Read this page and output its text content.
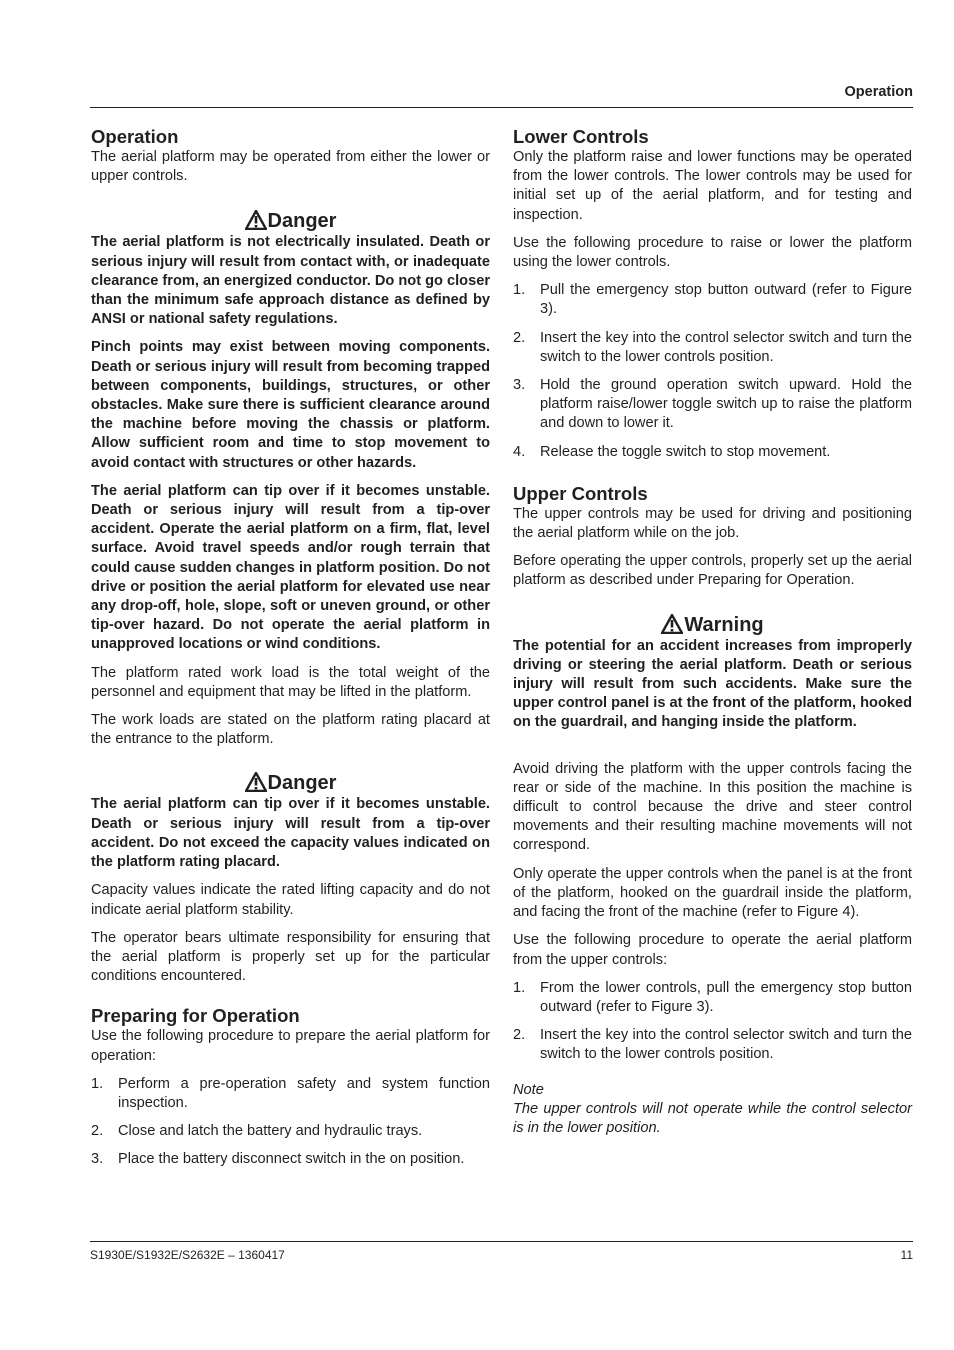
Operation
Operation

The aerial platform may be operated from either the lower or upper controls.

Danger

The aerial platform is not electrically insulated. Death or serious injury will result from contact with, or inadequate clearance from, an energized conductor. Do not go closer than the minimum safe approach distance as defined by ANSI or national safety regulations.

Pinch points may exist between moving components. Death or serious injury will result from becoming trapped between components, buildings, structures, or other obstacles. Make sure there is sufficient clearance around the machine before moving the chassis or platform. Allow sufficient room and time to stop movement to avoid contact with structures or other hazards.

The aerial platform can tip over if it becomes unstable. Death or serious injury will result from a tip-over accident. Operate the aerial platform on a firm, flat, level surface. Avoid travel speeds and/or rough terrain that could cause sudden changes in platform position. Do not drive or position the aerial platform for elevated use near any drop-off, hole, slope, soft or uneven ground, or other tip-over hazard. Do not operate the aerial platform in unapproved locations or wind conditions.

The platform rated work load is the total weight of the personnel and equipment that may be lifted in the platform.

The work loads are stated on the platform rating placard at the entrance to the platform.

Danger

The aerial platform can tip over if it becomes unstable. Death or serious injury will result from a tip-over accident. Do not exceed the capacity values indicated on the platform rating placard.

Capacity values indicate the rated lifting capacity and do not indicate aerial platform stability.

The operator bears ultimate responsibility for ensuring that the aerial platform is properly set up for the particular conditions encountered.

Preparing for Operation

Use the following procedure to prepare the aerial platform for operation:

1. Perform a pre-operation safety and system function inspection.
2. Close and latch the battery and hydraulic trays.
3. Place the battery disconnect switch in the on position.
Lower Controls

Only the platform raise and lower functions may be operated from the lower controls. The lower controls may be used for initial set up of the aerial platform, and for testing and inspection.

Use the following procedure to raise or lower the platform using the lower controls.

1. Pull the emergency stop button outward (refer to Figure 3).
2. Insert the key into the control selector switch and turn the switch to the lower controls position.
3. Hold the ground operation switch upward. Hold the platform raise/lower toggle switch up to raise the platform and down to lower it.
4. Release the toggle switch to stop movement.
Upper Controls

The upper controls may be used for driving and positioning the aerial platform while on the job.

Before operating the upper controls, properly set up the aerial platform as described under Preparing for Operation.

Warning

The potential for an accident increases from improperly driving or steering the aerial platform. Death or serious injury will result from such accidents. Make sure the upper control panel is at the front of the platform, hooked on the guardrail, and hanging inside the platform.

Avoid driving the platform with the upper controls facing the rear or side of the machine. In this position the machine is difficult to control because the drive and steer control movements and their resulting machine movements will not correspond.

Only operate the upper controls when the panel is at the front of the platform, hooked on the guardrail inside the platform, and facing the front of the machine (refer to Figure 4).

Use the following procedure to operate the aerial platform from the upper controls:

1. From the lower controls, pull the emergency stop button outward (refer to Figure 3).
2. Insert the key into the control selector switch and turn the switch to the lower controls position.

Note

The upper controls will not operate while the control selector is in the lower position.

S1930E/S1932E/S2632E – 1360417	11
